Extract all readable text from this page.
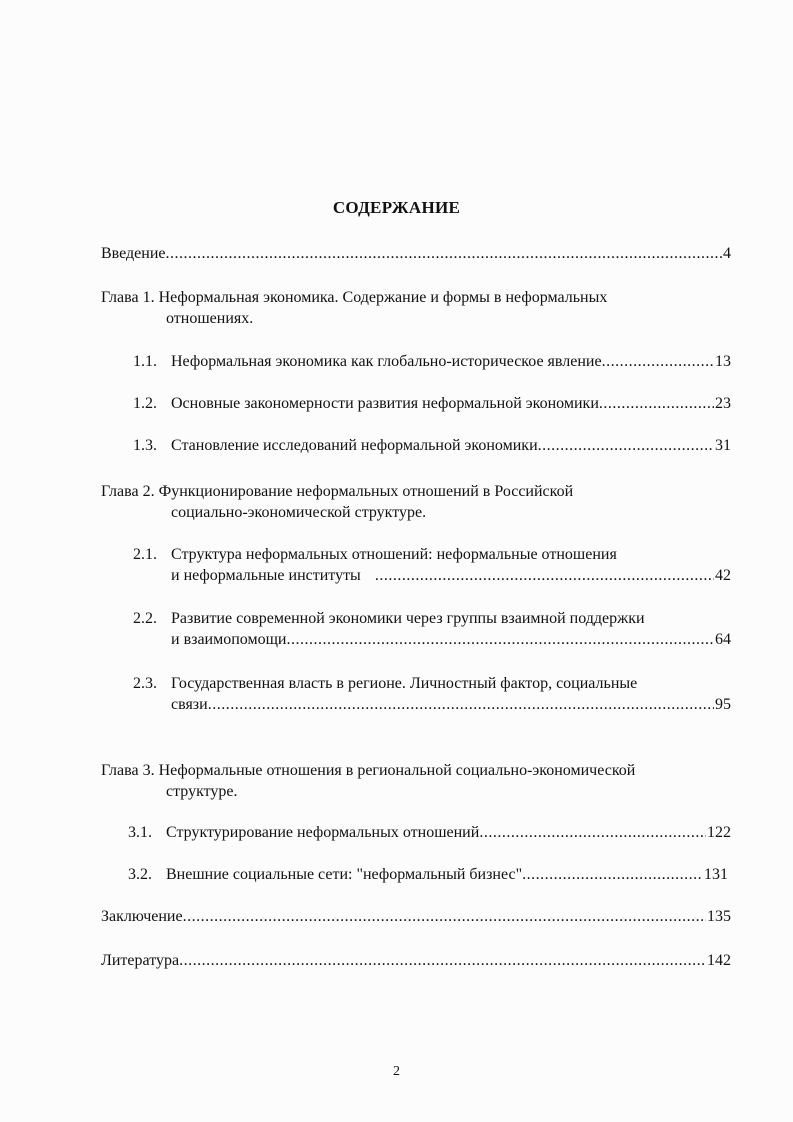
СОДЕРЖАНИЕ
Введение .....	4
Глава 1. Неформальная экономика. Содержание и формы в неформальных
отношениях.
1.1. Неформальная экономика как глобально-историческое явление .....	13
1.2. Основные закономерности развития неформальной экономики .....	23
1.3. Становление исследований неформальной экономики .....	31
Глава 2. Функционирование неформальных отношений в Российской
социально-экономической структуре.
2.1. Структура неформальных отношений: неформальные отношения
и неформальные институты .....	42
2.2. Развитие современной экономики через группы взаимной поддержки
и взаимопомощи .....	64
2.3. Государственная власть в регионе. Личностный фактор, социальные
связи .....	95
Глава 3. Неформальные отношения в региональной социально-экономической
структуре.
3.1. Структурирование неформальных отношений .....	122
3.2. Внешние социальные сети: "неформальный бизнес" .....	131
Заключение .....	135
Литература .....	142
2
